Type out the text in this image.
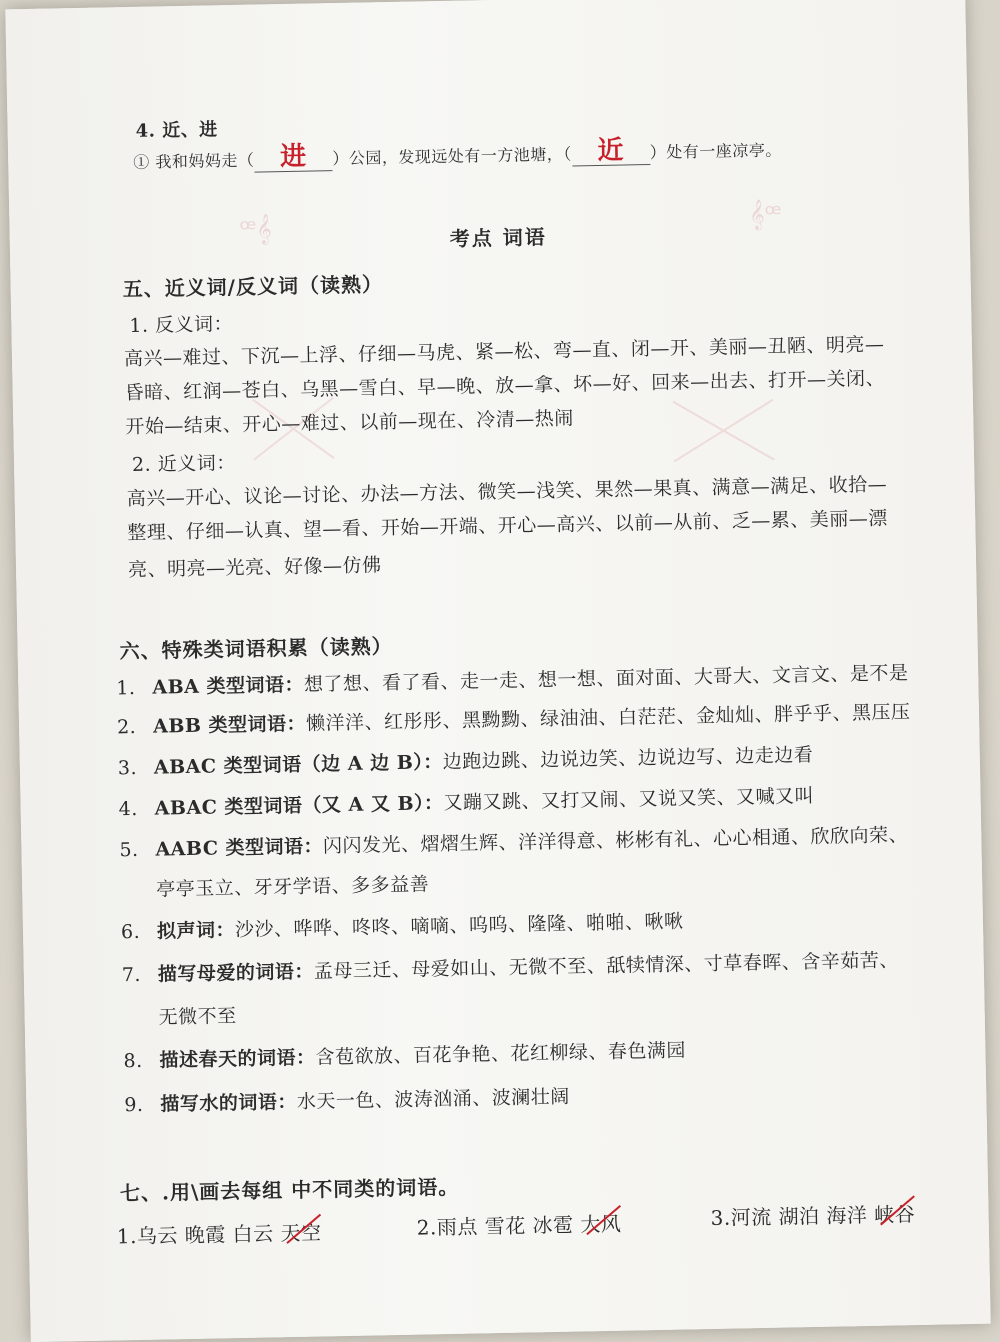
ꟹ𝄞	𝄞ꟹ
4. 近、进
① 我和妈妈走（ 进 ）公园，发现远处有一方池塘，（ 近 ）处有一座凉亭。
考点 词语
五、近义词/反义词（读熟）
1. 反义词：
高兴—难过、下沉—上浮、仔细—马虎、紧—松、弯—直、闭—开、美丽—丑陋、明亮—
昏暗、红润—苍白、乌黑—雪白、早—晚、放—拿、坏—好、回来—出去、打开—关闭、
开始—结束、开心—难过、以前—现在、冷清—热闹
2. 近义词：
高兴—开心、议论—讨论、办法—方法、微笑—浅笑、果然—果真、满意—满足、收拾—
整理、仔细—认真、望—看、开始—开端、开心—高兴、以前—从前、乏—累、美丽—漂
亮、明亮—光亮、好像—仿佛
六、特殊类词语积累（读熟）
1. ABA 类型词语：想了想、看了看、走一走、想一想、面对面、大哥大、文言文、是不是
2. ABB 类型词语：懒洋洋、红彤彤、黑黝黝、绿油油、白茫茫、金灿灿、胖乎乎、黑压压
3. ABAC 类型词语（边 A 边 B）：边跑边跳、边说边笑、边说边写、边走边看
4. ABAC 类型词语（又 A 又 B）：又蹦又跳、又打又闹、又说又笑、又喊又叫
5. AABC 类型词语：闪闪发光、熠熠生辉、洋洋得意、彬彬有礼、心心相通、欣欣向荣、
亭亭玉立、牙牙学语、多多益善
6. 拟声词：沙沙、哗哗、咚咚、嘀嘀、呜呜、隆隆、啪啪、啾啾
7. 描写母爱的词语：孟母三迁、母爱如山、无微不至、舐犊情深、寸草春晖、含辛茹苦、
无微不至
8. 描述春天的词语：含苞欲放、百花争艳、花红柳绿、春色满园
9. 描写水的词语：水天一色、波涛汹涌、波澜壮阔
七、.用\画去每组 中不同类的词语。
1.乌云 晚霞 白云
天空	2.雨点 雪花 冰雹
大风	3.河流 湖泊 海洋
峡谷
